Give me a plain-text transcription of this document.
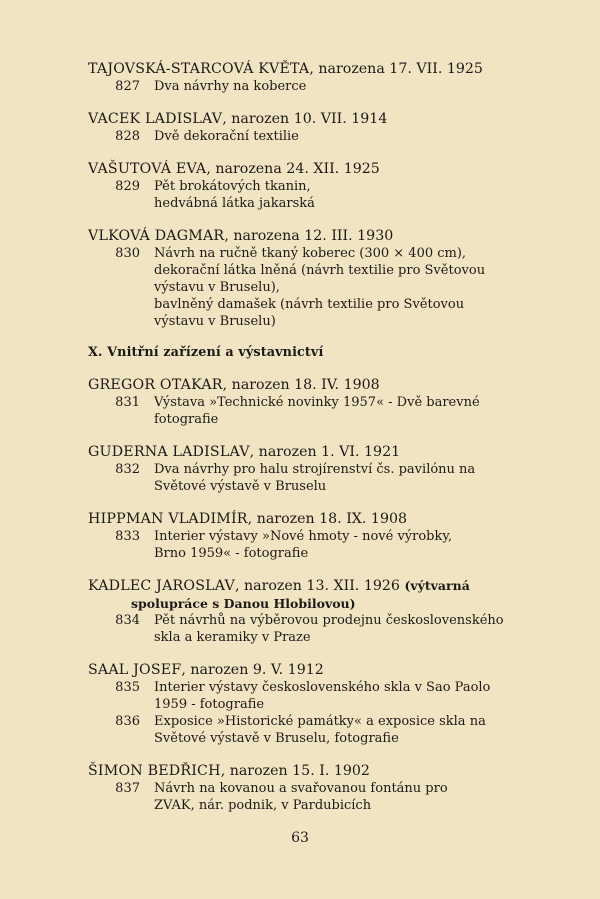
TAJOVSKÁ-STARCOVÁ KVĚTA, narozena 17. VII. 1925
827	Dva návrhy na koberce
VACEK LADISLAV, narozen 10. VII. 1914
828	Dvě dekorační textilie
VAŠUTOVÁ EVA, narozena 24. XII. 1925
829	Pět brokátových tkanin,
hedvábná látka jakarská
VLKOVÁ DAGMAR, narozena 12. III. 1930
830	Návrh na ručně tkaný koberec (300 × 400 cm),
dekorační látka lněná (návrh textilie pro Světovou
výstavu v Bruselu),
bavlněný damašek (návrh textilie pro Světovou
výstavu v Bruselu)
X. Vnitřní zařízení a výstavnictví
GREGOR OTAKAR, narozen 18. IV. 1908
831	Výstava »Technické novinky 1957« - Dvě barevné
fotografie
GUDERNA LADISLAV, narozen 1. VI. 1921
832	Dva návrhy pro halu strojírenství čs. pavilónu na
Světové výstavě v Bruselu
HIPPMAN VLADIMÍR, narozen 18. IX. 1908
833	Interier výstavy »Nové hmoty - nové výrobky,
Brno 1959« - fotografie
KADLEC JAROSLAV, narozen 13. XII. 1926 (výtvarná
spolupráce s Danou Hlobilovou)
834	Pět návrhů na výběrovou prodejnu československého
skla a keramiky v Praze
SAAL JOSEF, narozen 9. V. 1912
835	Interier výstavy československého skla v Sao Paolo
1959 - fotografie
836	Exposice »Historické památky« a exposice skla na
Světové výstavě v Bruselu, fotografie
ŠIMON BEDŘICH, narozen 15. I. 1902
837	Návrh na kovanou a svařovanou fontánu pro
ZVAK, nár. podnik, v Pardubicích
63
